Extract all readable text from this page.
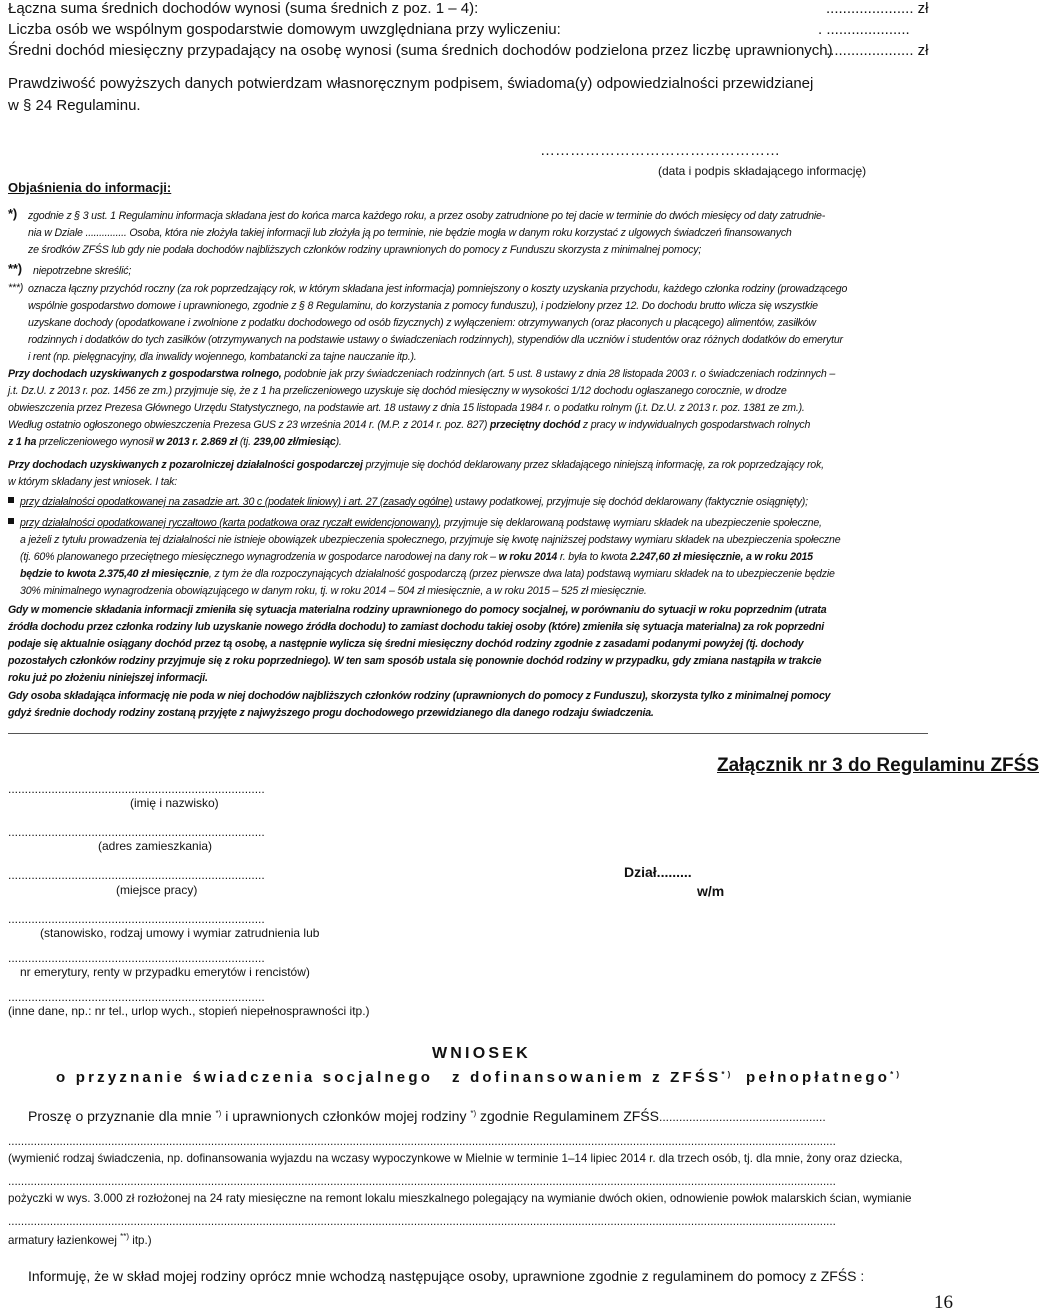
Łączna suma średnich dochodów wynosi (suma średnich z poz. 1 – 4):	..................... zł
Liczba osób we wspólnym gospodarstwie domowym uwzględniana przy wyliczeniu:	. ....................
Średni dochód miesięczny przypadający na osobę wynosi (suma średnich dochodów podzielona przez liczbę uprawnionych)
..................... zł
Prawdziwość powyższych danych potwierdzam własnoręcznym podpisem, świadoma(y) odpowiedzialności przewidzianej
w § 24 Regulaminu.
…………………………………………
(data i podpis składającego informację)
Objaśnienia do informacji:
*) zgodnie z § 3 ust. 1 Regulaminu informacja składana jest do końca marca każdego roku, a przez osoby zatrudnione po tej dacie w terminie do dwóch miesięcy od daty zatrudnie-
nia w Dziale ............... Osoba, która nie złożyła takiej informacji lub złożyła ją po terminie, nie będzie mogła w danym roku korzystać z ulgowych świadczeń finansowanych
ze środków ZFŚS lub gdy nie podała dochodów najbliższych członków rodziny uprawnionych do pomocy z Funduszu skorzysta z minimalnej pomocy;
**) niepotrzebne skreślić;
***) oznacza łączny przychód roczny (za rok poprzedzający rok, w którym składana jest informacja) pomniejszony o koszty uzyskania przychodu, każdego członka rodziny (prowadzącego
wspólnie gospodarstwo domowe i uprawnionego, zgodnie z § 8 Regulaminu, do korzystania z pomocy funduszu), i podzielony przez 12. Do dochodu brutto wlicza się wszystkie
uzyskane dochody (opodatkowane i zwolnione z podatku dochodowego od osób fizycznych) z wyłączeniem: otrzymywanych (oraz płaconych u płacącego) alimentów, zasiłków
rodzinnych i dodatków do tych zasiłków (otrzymywanych na podstawie ustawy o świadczeniach rodzinnych), stypendiów dla uczniów i studentów oraz różnych dodatków do emerytur
i rent (np. pielęgnacyjny, dla inwalidy wojennego, kombatancki za tajne nauczanie itp.).
Przy dochodach uzyskiwanych z gospodarstwa rolnego, podobnie jak przy świadczeniach rodzinnych (art. 5 ust. 8 ustawy z dnia 28 listopada 2003 r. o świadczeniach rodzinnych –
j.t. Dz.U. z 2013 r. poz. 1456 ze zm.) przyjmuje się, że z 1 ha przeliczeniowego uzyskuje się dochód miesięczny w wysokości 1/12 dochodu ogłaszanego corocznie, w drodze
obwieszczenia przez Prezesa Głównego Urzędu Statystycznego, na podstawie art. 18 ustawy z dnia 15 listopada 1984 r. o podatku rolnym (j.t. Dz.U. z 2013 r. poz. 1381 ze zm.).
Według ostatnio ogłoszonego obwieszczenia Prezesa GUS z 23 września 2014 r. (M.P. z 2014 r. poz. 827) przeciętny dochód z pracy w indywidualnych gospodarstwach rolnych
z 1 ha przeliczeniowego wynosił w 2013 r. 2.869 zł (tj. 239,00 zł/miesiąc).
Przy dochodach uzyskiwanych z pozarolniczej działalności gospodarczej przyjmuje się dochód deklarowany przez składającego niniejszą informację, za rok poprzedzający rok,
w którym składany jest wniosek. I tak:
przy działalności opodatkowanej na zasadzie art. 30 c (podatek liniowy) i art. 27 (zasady ogólne) ustawy podatkowej, przyjmuje się dochód deklarowany (faktycznie osiągnięty);
przy działalności opodatkowanej ryczałtowo (karta podatkowa oraz ryczałt ewidencjonowany), przyjmuje się deklarowaną podstawę wymiaru składek na ubezpieczenie społeczne,
a jeżeli z tytułu prowadzenia tej działalności nie istnieje obowiązek ubezpieczenia społecznego, przyjmuje się kwotę najniższej podstawy wymiaru składek na ubezpieczenia społeczne
(tj. 60% planowanego przeciętnego miesięcznego wynagrodzenia w gospodarce narodowej na dany rok – w roku 2014 r. była to kwota 2.247,60 zł miesięcznie, a w roku 2015
będzie to kwota 2.375,40 zł miesięcznie, z tym że dla rozpoczynających działalność gospodarczą (przez pierwsze dwa lata) podstawą wymiaru składek na to ubezpieczenie będzie
30% minimalnego wynagrodzenia obowiązującego w danym roku, tj. w roku 2014 – 504 zł miesięcznie, a w roku 2015 – 525 zł miesięcznie.
Gdy w momencie składania informacji zmieniła się sytuacja materialna rodziny uprawnionego do pomocy socjalnej, w porównaniu do sytuacji w roku poprzednim (utrata
źródła dochodu przez członka rodziny lub uzyskanie nowego źródła dochodu) to zamiast dochodu takiej osoby (które) zmieniła się sytuacja materialna) za rok poprzedni
podaje się aktualnie osiągany dochód przez tą osobę, a następnie wylicza się średni miesięczny dochód rodziny zgodnie z zasadami podanymi powyżej (tj. dochody
pozostałych członków rodziny przyjmuje się z roku poprzedniego). W ten sam sposób ustala się ponownie dochód rodziny w przypadku, gdy zmiana nastąpiła w trakcie
roku już po złożeniu niniejszej informacji.
Gdy osoba składająca informację nie poda w niej dochodów najbliższych członków rodziny (uprawnionych do pomocy z Funduszu), skorzysta tylko z minimalnej pomocy
gdyż średnie dochody rodziny zostaną przyjęte z najwyższego progu dochodowego przewidzianego dla danego rodzaju świadczenia.
Załącznik nr 3 do Regulaminu ZFŚS
.............................................................................
(imię i nazwisko)
.............................................................................
(adres zamieszkania)
.............................................................................
(miejsce pracy)
.............................................................................
(stanowisko, rodzaj umowy i wymiar zatrudnienia lub
.............................................................................
nr emerytury, renty w przypadku emerytów i rencistów)
.............................................................................
(inne dane, np.: nr tel., urlop wych., stopień niepełnosprawności itp.)
Dział.........
w/m
WNIOSEK
o przyznanie świadczenia socjalnego z dofinansowaniem z ZFŚS*) pełnopłatnego*)
Proszę o przyznanie dla mnie *) i uprawnionych członków mojej rodziny *) zgodnie Regulaminem ZFŚS..................................................
.................................................................................................................................................................................................................................................................
(wymienić rodzaj świadczenia, np. dofinansowania wyjazdu na wczasy wypoczynkowe w Mielnie w terminie 1–14 lipiec 2014 r. dla trzech osób, tj. dla mnie, żony oraz dziecka,
.................................................................................................................................................................................................................................................................
pożyczki w wys. 3.000 zł rozłożonej na 24 raty miesięczne na remont lokalu mieszkalnego polegający na wymianie dwóch okien, odnowienie powłok malarskich ścian, wymianie
.................................................................................................................................................................................................................................................................
armatury łazienkowej **) itp.)
Informuję, że w skład mojej rodziny oprócz mnie wchodzą następujące osoby, uprawnione zgodnie z regulaminem do pomocy z ZFŚS :
16
